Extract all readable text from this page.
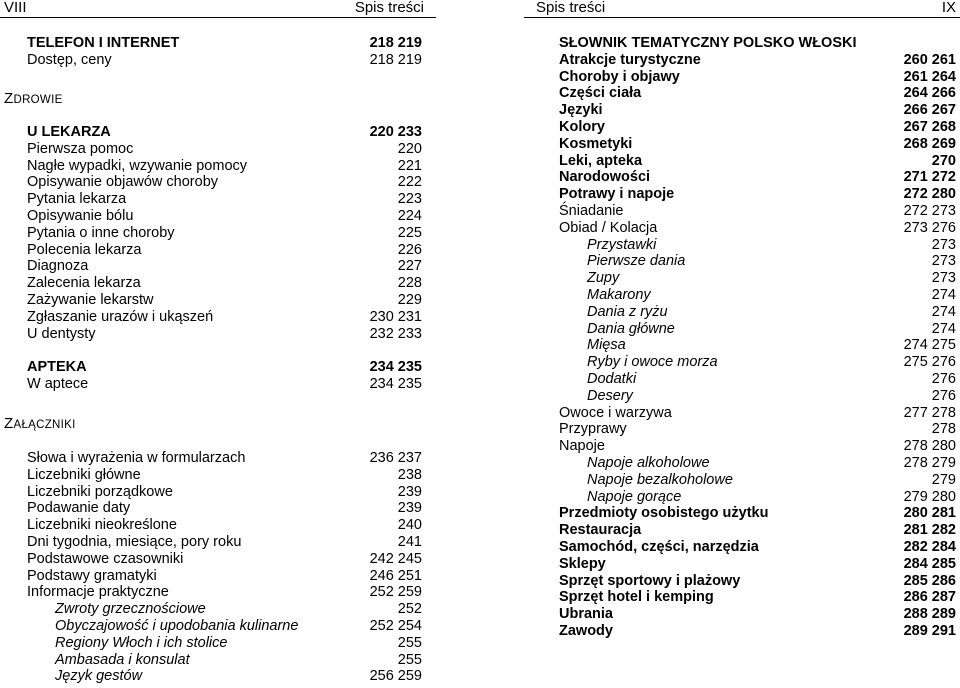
VIII	Spis treści
TELEFON I INTERNET	218 219
Dostęp, ceny	218 219
ZDROWIE
U LEKARZA	220 233
Pierwsza pomoc	220
Nagłe wypadki, wzywanie pomocy	221
Opisywanie objawów choroby	222
Pytania lekarza	223
Opisywanie bólu	224
Pytania o inne choroby	225
Polecenia lekarza	226
Diagnoza	227
Zalecenia lekarza	228
Zażywanie lekarstw	229
Zgłaszanie urazów i ukąszeń	230 231
U dentysty	232 233
APTEKA	234 235
W aptece	234 235
ZAŁĄCZNIKI
Słowa i wyrażenia w formularzach	236 237
Liczebniki główne	238
Liczebniki porządkowe	239
Podawanie daty	239
Liczebniki nieokreślone	240
Dni tygodnia, miesiące, pory roku	241
Podstawowe czasowniki	242 245
Podstawy gramatyki	246 251
Informacje praktyczne	252 259
Zwroty grzecznościowe	252
Obyczajowość i upodobania kulinarne	252 254
Regiony Włoch i ich stolice	255
Ambasada i konsulat	255
Język gestów	256 259
Spis treści	IX
SŁOWNIK TEMATYCZNY POLSKO WŁOSKI
Atrakcje turystyczne	260 261
Choroby i objawy	261 264
Części ciała	264 266
Języki	266 267
Kolory	267 268
Kosmetyki	268 269
Leki, apteka	270
Narodowości	271 272
Potrawy i napoje	272 280
Śniadanie	272 273
Obiad / Kolacja	273 276
Przystawki	273
Pierwsze dania	273
Zupy	273
Makarony	274
Dania z ryżu	274
Dania główne	274
Mięsa	274 275
Ryby i owoce morza	275 276
Dodatki	276
Desery	276
Owoce i warzywa	277 278
Przyprawy	278
Napoje	278 280
Napoje alkoholowe	278 279
Napoje bezalkoholowe	279
Napoje gorące	279 280
Przedmioty osobistego użytku	280 281
Restauracja	281 282
Samochód, części, narzędzia	282 284
Sklepy	284 285
Sprzęt sportowy i plażowy	285 286
Sprzęt hotel i kemping	286 287
Ubrania	288 289
Zawody	289 291
